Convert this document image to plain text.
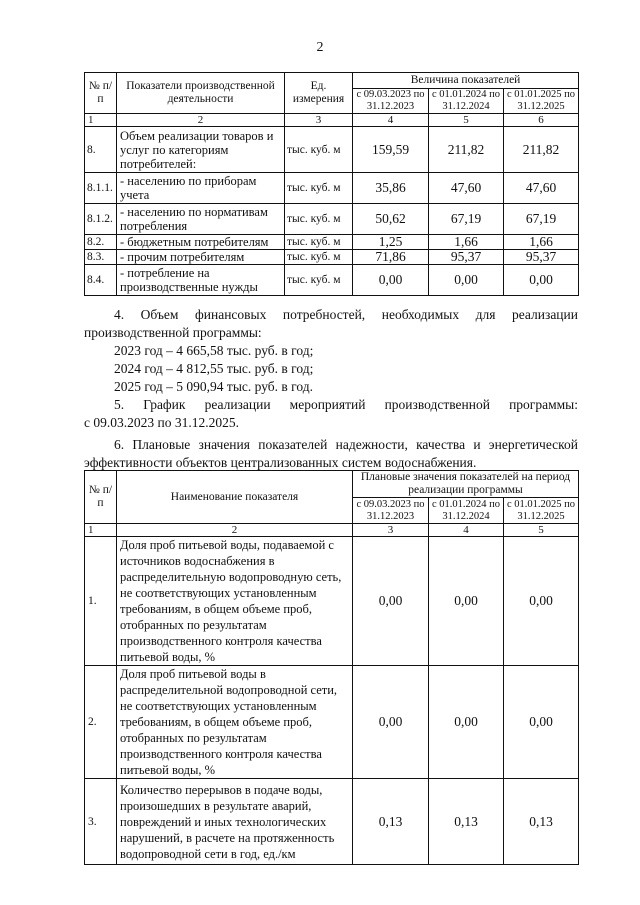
2
№ п/п	Показатели производственной деятельности	Ед. измерения	Величина показателей		
			с 09.03.2023 по 31.12.2023	с 01.01.2024 по 31.12.2024	с 01.01.2025 по 31.12.2025
1	2	3	4	5	6
8.	Объем реализации товаров и услуг по категориям потребителей:	тыс. куб. м	159,59	211,82	211,82
8.1.1.	- населению по приборам учета	тыс. куб. м	35,86	47,60	47,60
8.1.2.	- населению по нормативам потребления	тыс. куб. м	50,62	67,19	67,19
8.2.	- бюджетным потребителям	тыс. куб. м	1,25	1,66	1,66
8.3.	- прочим потребителям	тыс. куб. м	71,86	95,37	95,37
8.4.	- потребление на производственные нужды	тыс. куб. м	0,00	0,00	0,00
4. Объем финансовых потребностей, необходимых для реализации
производственной программы:
2023 год – 4 665,58 тыс. руб. в год;
2024 год – 4 812,55 тыс. руб. в год;
2025 год – 5 090,94 тыс. руб. в год.
5. График реализации мероприятий производственной программы:
с 09.03.2023 по 31.12.2025.
6. Плановые значения показателей надежности, качества и энергетической
эффективности объектов централизованных систем водоснабжения.
№ п/п	Наименование показателя	Плановые значения показателей на период реализации программы		
		с 09.03.2023 по 31.12.2023	с 01.01.2024 по 31.12.2024	с 01.01.2025 по 31.12.2025
1	2	3	4	5
1.	Доля проб питьевой воды, подаваемой с источников водоснабжения в распределительную водопроводную сеть, не соответствующих установленным требованиям, в общем объеме проб, отобранных по результатам производственного контроля качества питьевой воды, %	0,00	0,00	0,00
2.	Доля проб питьевой воды в распределительной водопроводной сети, не соответствующих установленным требованиям, в общем объеме проб, отобранных по результатам производственного контроля качества питьевой воды, %	0,00	0,00	0,00
3.	Количество перерывов в подаче воды, произошедших в результате аварий, повреждений и иных технологических нарушений, в расчете на протяженность водопроводной сети в год, ед./км	0,13	0,13	0,13
